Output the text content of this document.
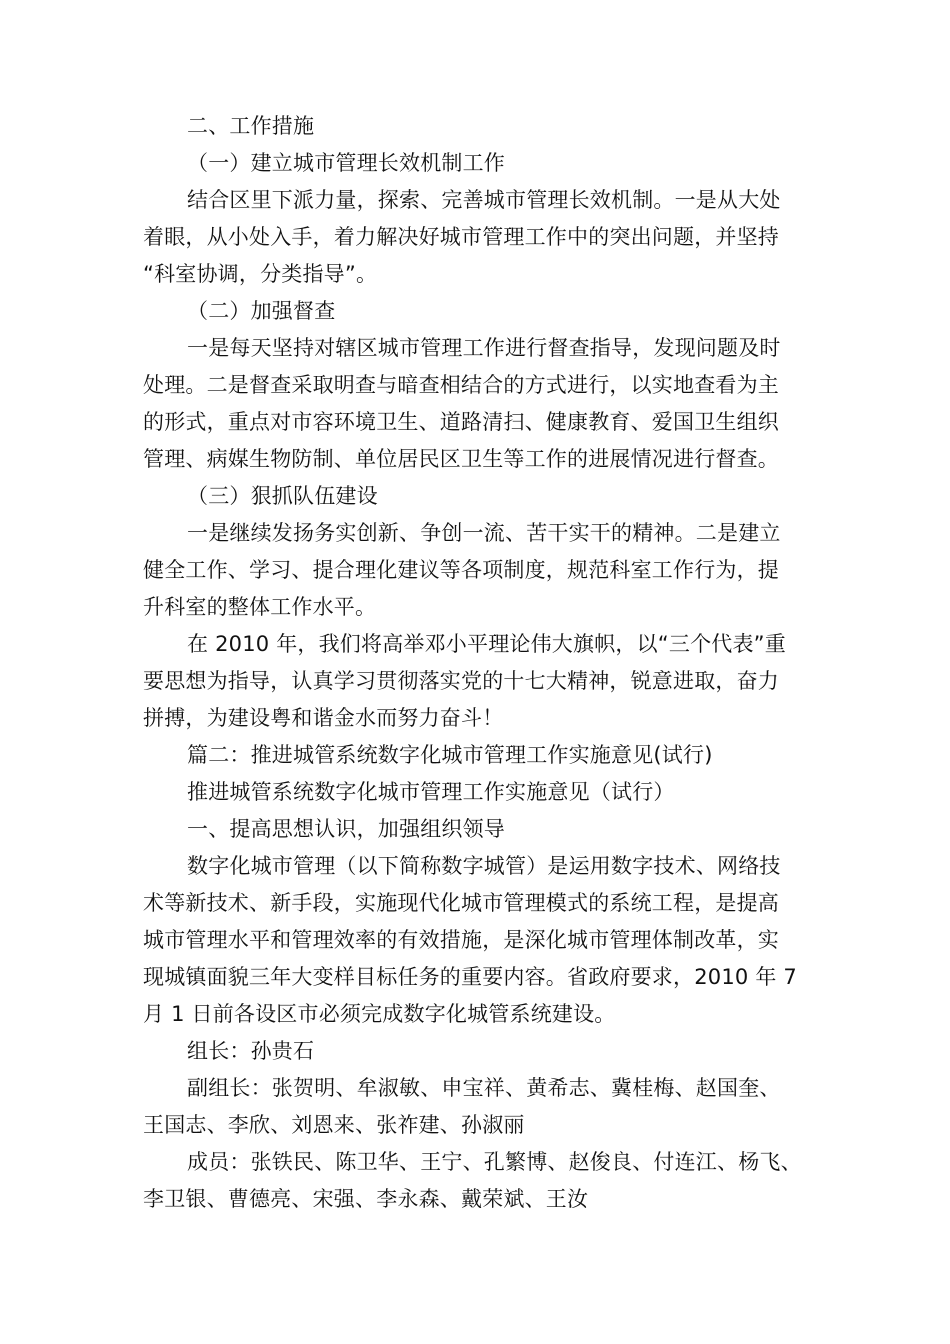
二、工作措施
（一）建立城市管理长效机制工作
结合区里下派力量，探索、完善城市管理长效机制。一是从大处
着眼，从小处入手，着力解决好城市管理工作中的突出问题，并坚持
“科室协调，分类指导”。
（二）加强督查
一是每天坚持对辖区城市管理工作进行督查指导，发现问题及时
处理。二是督查采取明查与暗查相结合的方式进行，以实地查看为主
的形式，重点对市容环境卫生、道路清扫、健康教育、爱国卫生组织
管理、病媒生物防制、单位居民区卫生等工作的进展情况进行督查。
（三）狠抓队伍建设
一是继续发扬务实创新、争创一流、苦干实干的精神。二是建立
健全工作、学习、提合理化建议等各项制度，规范科室工作行为，提
升科室的整体工作水平。
在 2010 年，我们将高举邓小平理论伟大旗帜，以“三个代表”重
要思想为指导，认真学习贯彻落实党的十七大精神，锐意进取，奋力
拼搏，为建设粤和谐金水而努力奋斗！
篇二：推进城管系统数字化城市管理工作实施意见(试行)
推进城管系统数字化城市管理工作实施意见（试行）
一、提高思想认识，加强组织领导
数字化城市管理（以下简称数字城管）是运用数字技术、网络技
术等新技术、新手段，实施现代化城市管理模式的系统工程，是提高
城市管理水平和管理效率的有效措施，是深化城市管理体制改革，实
现城镇面貌三年大变样目标任务的重要内容。省政府要求，2010 年 7
月 1 日前各设区市必须完成数字化城管系统建设。
组长：孙贵石
副组长：张贺明、牟淑敏、申宝祥、黄希志、冀桂梅、赵国奎、
王国志、李欣、刘恩来、张祚建、孙淑丽
成员：张铁民、陈卫华、王宁、孔繁博、赵俊良、付连江、杨飞、
李卫银、曹德亮、宋强、李永森、戴荣斌、王汝
